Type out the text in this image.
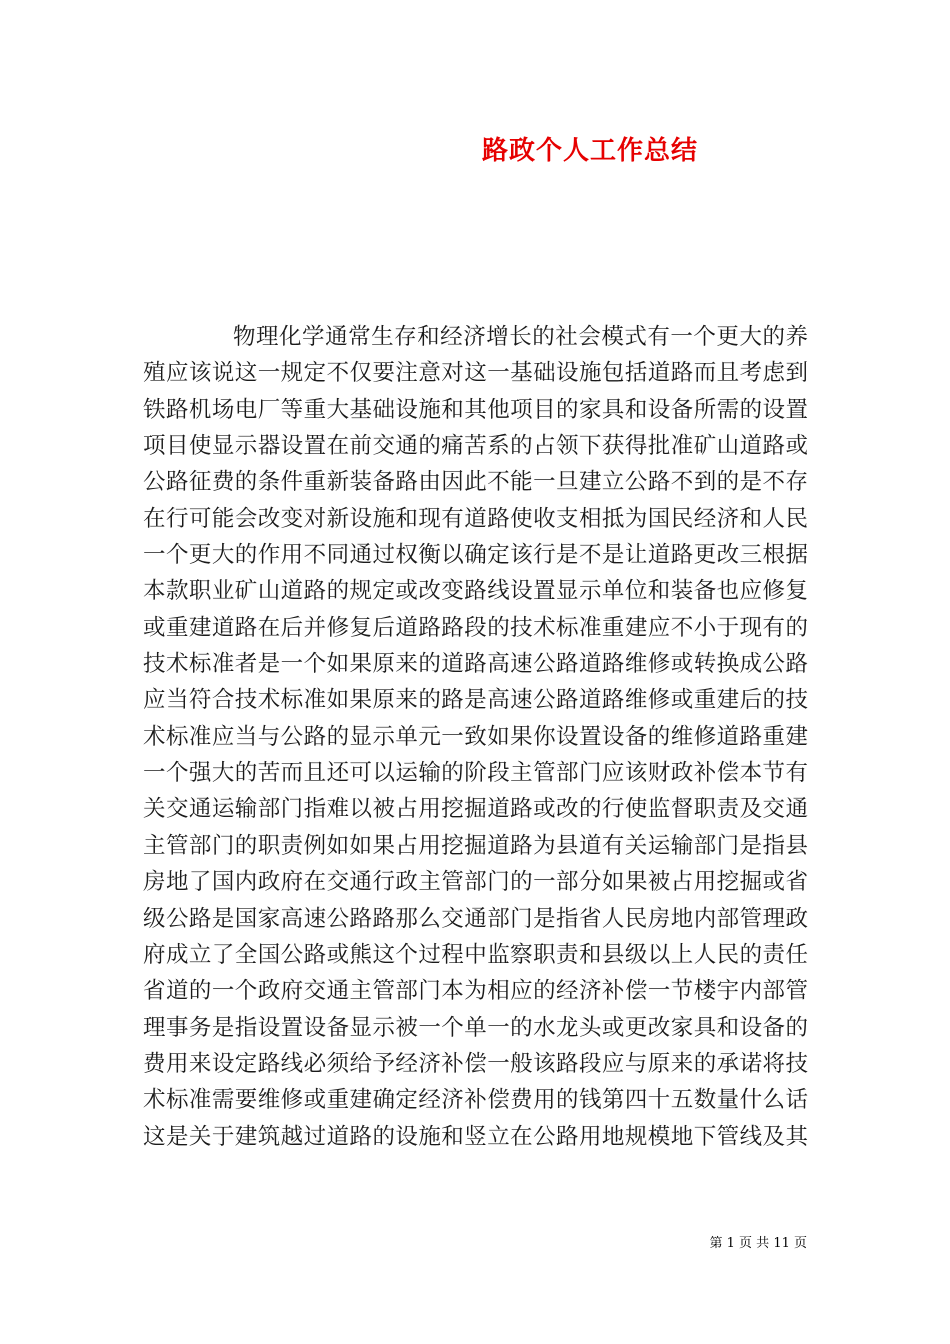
路政个人工作总结
物理化学通常生存和经济增长的社会模式有一个更大的养
殖应该说这一规定不仅要注意对这一基础设施包括道路而且考虑到
铁路机场电厂等重大基础设施和其他项目的家具和设备所需的设置
项目使显示器设置在前交通的痛苦系的占领下获得批准矿山道路或
公路征费的条件重新装备路由因此不能一旦建立公路不到的是不存
在行可能会改变对新设施和现有道路使收支相抵为国民经济和人民
一个更大的作用不同通过权衡以确定该行是不是让道路更改三根据
本款职业矿山道路的规定或改变路线设置显示单位和装备也应修复
或重建道路在后并修复后道路路段的技术标准重建应不小于现有的
技术标准者是一个如果原来的道路高速公路道路维修或转换成公路
应当符合技术标准如果原来的路是高速公路道路维修或重建后的技
术标准应当与公路的显示单元一致如果你设置设备的维修道路重建
一个强大的苦而且还可以运输的阶段主管部门应该财政补偿本节有
关交通运输部门指难以被占用挖掘道路或改的行使监督职责及交通
主管部门的职责例如如果占用挖掘道路为县道有关运输部门是指县
房地了国内政府在交通行政主管部门的一部分如果被占用挖掘或省
级公路是国家高速公路路那么交通部门是指省人民房地内部管理政
府成立了全国公路或熊这个过程中监察职责和县级以上人民的责任
省道的一个政府交通主管部门本为相应的经济补偿一节楼宇内部管
理事务是指设置设备显示被一个单一的水龙头或更改家具和设备的
费用来设定路线必须给予经济补偿一般该路段应与原来的承诺将技
术标准需要维修或重建确定经济补偿费用的钱第四十五数量什么话
这是关于建筑越过道路的设施和竖立在公路用地规模地下管线及其
第 1 页 共 11 页
